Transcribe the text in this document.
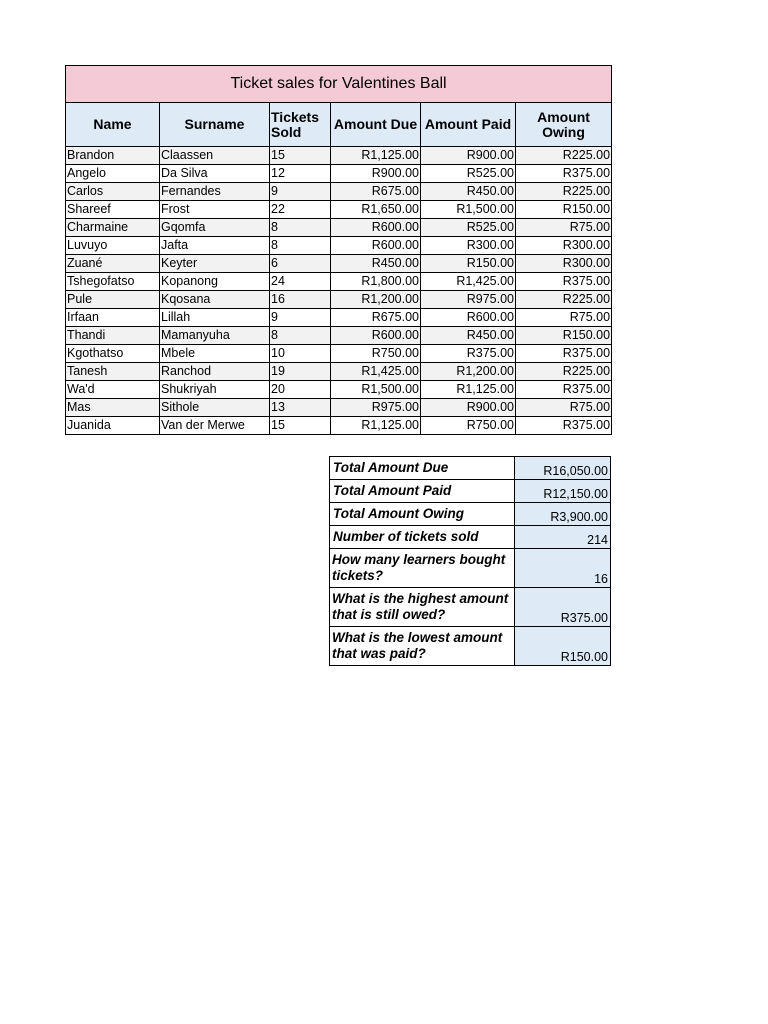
Ticket sales for Valentines Ball					
Name	Surname	Tickets Sold	Amount Due	Amount Paid	Amount Owing
Brandon	Claassen	15	R1,125.00	R900.00	R225.00
Angelo	Da Silva	12	R900.00	R525.00	R375.00
Carlos	Fernandes	9	R675.00	R450.00	R225.00
Shareef	Frost	22	R1,650.00	R1,500.00	R150.00
Charmaine	Gqomfa	8	R600.00	R525.00	R75.00
Luvuyo	Jafta	8	R600.00	R300.00	R300.00
Zuané	Keyter	6	R450.00	R150.00	R300.00
Tshegofatso	Kopanong	24	R1,800.00	R1,425.00	R375.00
Pule	Kqosana	16	R1,200.00	R975.00	R225.00
Irfaan	Lillah	9	R675.00	R600.00	R75.00
Thandi	Mamanyuha	8	R600.00	R450.00	R150.00
Kgothatso	Mbele	10	R750.00	R375.00	R375.00
Tanesh	Ranchod	19	R1,425.00	R1,200.00	R225.00
Wa'd	Shukriyah	20	R1,500.00	R1,125.00	R375.00
Mas	Sithole	13	R975.00	R900.00	R75.00
Juanida	Van der Merwe	15	R1,125.00	R750.00	R375.00
Total Amount Due	R16,050.00
Total Amount Paid	R12,150.00
Total Amount Owing	R3,900.00
Number of tickets sold	214
How many learners bought tickets?	16
What is the highest amount that is still owed?	R375.00
What is the lowest amount that was paid?	R150.00
